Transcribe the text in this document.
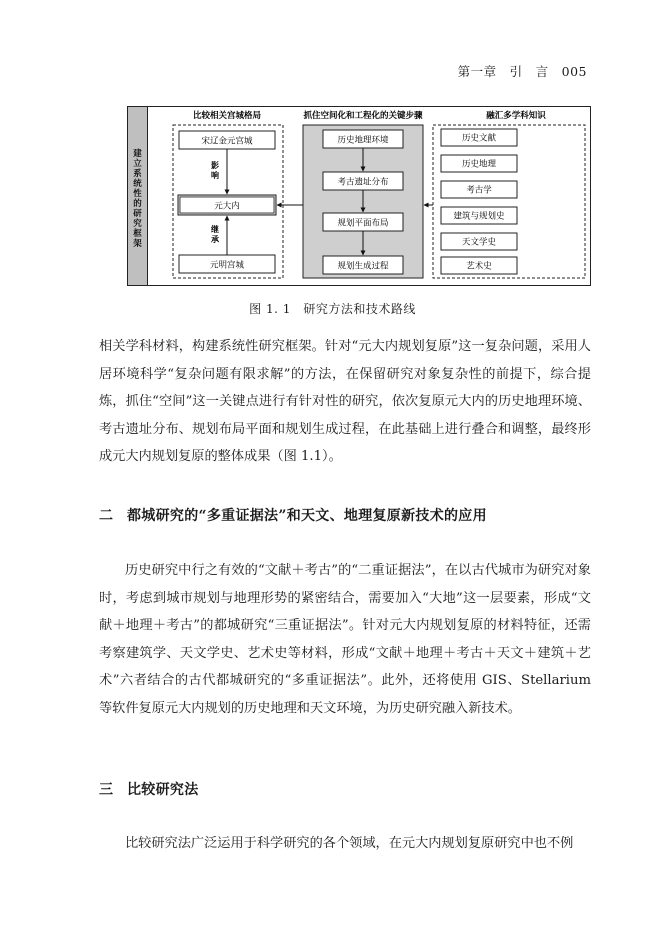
第一章　引　言　005
建立系统性的研究框架
比较相关宫城格局	抓住空间化和工程化的关键步骤	融汇多学科知识
宋辽金元宫城
元大内
元明宫城
影响
继承
历史地理环境
考古遗址分布
规划平面布局
规划生成过程
历史文献
历史地理
考古学
建筑与规划史
天文学史
艺术史
图 1. 1　研究方法和技术路线

相关学科材料，构建系统性研究框架。针对“元大内规划复原”这一复杂问题，采用人居环境科学“复杂问题有限求解”的方法，在保留研究对象复杂性的前提下，综合提炼，抓住“空间”这一关键点进行有针对性的研究，依次复原元大内的历史地理环境、考古遗址分布、规划布局平面和规划生成过程，在此基础上进行叠合和调整，最终形成元大内规划复原的整体成果（图 1.1）。

二 都城研究的“多重证据法”和天文、地理复原新技术的应用

历史研究中行之有效的“文献＋考古”的“二重证据法”，在以古代城市为研究对象时，考虑到城市规划与地理形势的紧密结合，需要加入“大地”这一层要素，形成“文献＋地理＋考古”的都城研究“三重证据法”。针对元大内规划复原的材料特征，还需考察建筑学、天文学史、艺术史等材料，形成“文献＋地理＋考古＋天文＋建筑＋艺术”六者结合的古代都城研究的“多重证据法”。此外，还将使用 GIS、Stellarium 等软件复原元大内规划的历史地理和天文环境，为历史研究融入新技术。

三 比较研究法

比较研究法广泛运用于科学研究的各个领域，在元大内规划复原研究中也不例
